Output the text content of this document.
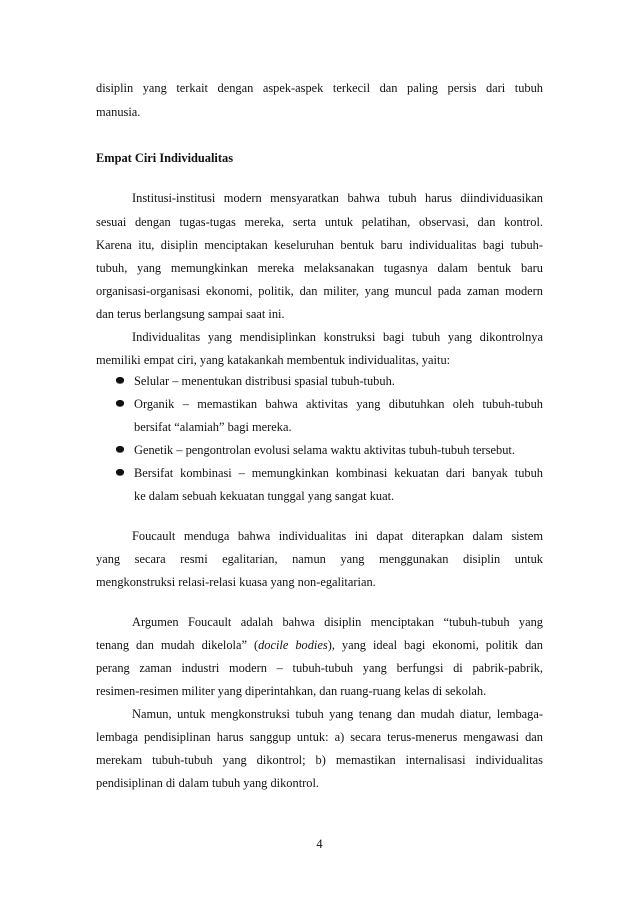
disiplin yang terkait dengan aspek-aspek terkecil dan paling persis dari tubuh
manusia.
Empat Ciri Individualitas
Institusi-institusi modern mensyaratkan bahwa tubuh harus diindividuasikan
sesuai dengan tugas-tugas mereka, serta untuk pelatihan, observasi, dan kontrol.
Karena itu, disiplin menciptakan keseluruhan bentuk baru individualitas bagi tubuh-
tubuh, yang memungkinkan mereka melaksanakan tugasnya dalam bentuk baru
organisasi-organisasi ekonomi, politik, dan militer, yang muncul pada zaman modern
dan terus berlangsung sampai saat ini.
Individualitas yang mendisiplinkan konstruksi bagi tubuh yang dikontrolnya
memiliki empat ciri, yang katakankah membentuk individualitas, yaitu:
Selular – menentukan distribusi spasial tubuh-tubuh.
Organik – memastikan bahwa aktivitas yang dibutuhkan oleh tubuh-tubuh
bersifat “alamiah” bagi mereka.
Genetik – pengontrolan evolusi selama waktu aktivitas tubuh-tubuh tersebut.
Bersifat kombinasi – memungkinkan kombinasi kekuatan dari banyak tubuh
ke dalam sebuah kekuatan tunggal yang sangat kuat.
Foucault menduga bahwa individualitas ini dapat diterapkan dalam sistem
yang secara resmi egalitarian, namun yang menggunakan disiplin untuk
mengkonstruksi relasi-relasi kuasa yang non-egalitarian.
Argumen Foucault adalah bahwa disiplin menciptakan “tubuh-tubuh yang
tenang dan mudah dikelola” (docile bodies), yang ideal bagi ekonomi, politik dan
perang zaman industri modern – tubuh-tubuh yang berfungsi di pabrik-pabrik,
resimen-resimen militer yang diperintahkan, dan ruang-ruang kelas di sekolah.
Namun, untuk mengkonstruksi tubuh yang tenang dan mudah diatur, lembaga-
lembaga pendisiplinan harus sanggup untuk: a) secara terus-menerus mengawasi dan
merekam tubuh-tubuh yang dikontrol; b) memastikan internalisasi individualitas
pendisiplinan di dalam tubuh yang dikontrol.
4
